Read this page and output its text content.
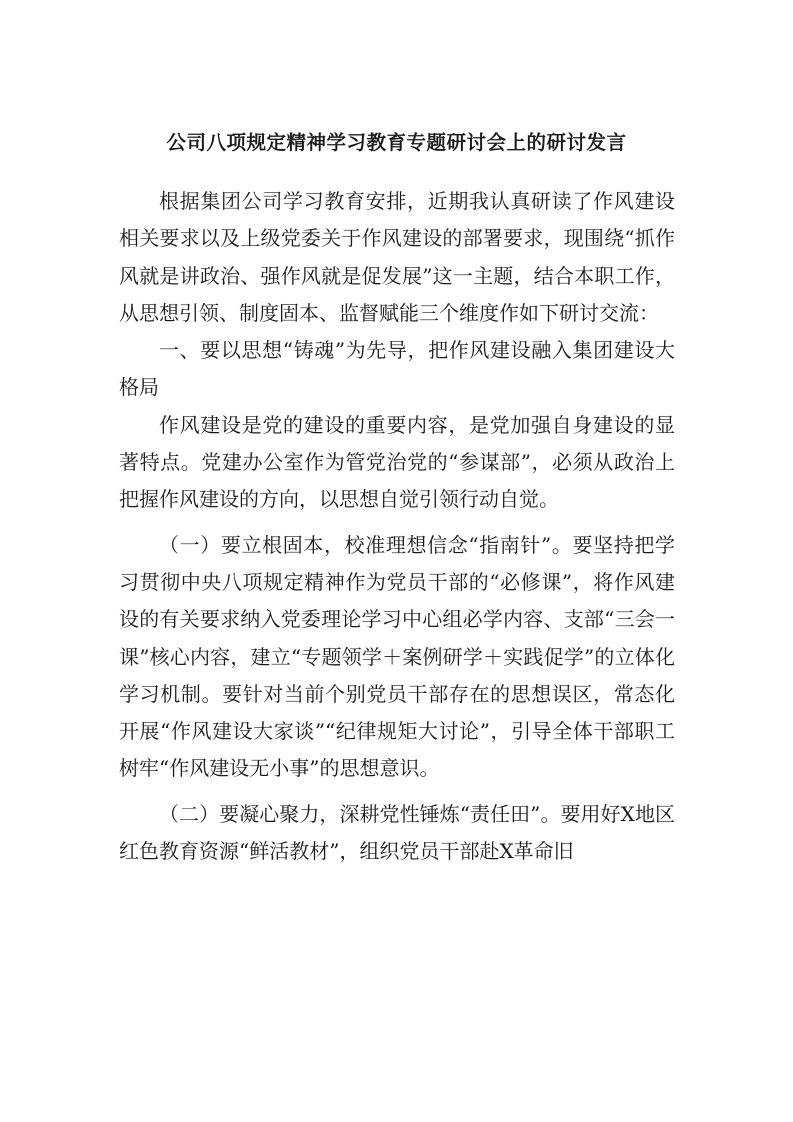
公司八项规定精神学习教育专题研讨会上的研讨发言

根据集团公司学习教育安排，近期我认真研读了作风建设相关要求以及上级党委关于作风建设的部署要求，现围绕“抓作风就是讲政治、强作风就是促发展”这一主题，结合本职工作，从思想引领、制度固本、监督赋能三个维度作如下研讨交流：

一、要以思想“铸魂”为先导，把作风建设融入集团建设大格局

作风建设是党的建设的重要内容，是党加强自身建设的显著特点。党建办公室作为管党治党的“参谋部”，必须从政治上把握作风建设的方向，以思想自觉引领行动自觉。

（一）要立根固本，校准理想信念“指南针”。要坚持把学习贯彻中央八项规定精神作为党员干部的“必修课”，将作风建设的有关要求纳入党委理论学习中心组必学内容、支部“三会一课”核心内容，建立“专题领学＋案例研学＋实践促学”的立体化学习机制。要针对当前个别党员干部存在的思想误区，常态化开展“作风建设大家谈”“纪律规矩大讨论”，引导全体干部职工树牢“作风建设无小事”的思想意识。

（二）要凝心聚力，深耕党性锤炼“责任田”。要用好X地区红色教育资源“鲜活教材”，组织党员干部赴X革命旧
